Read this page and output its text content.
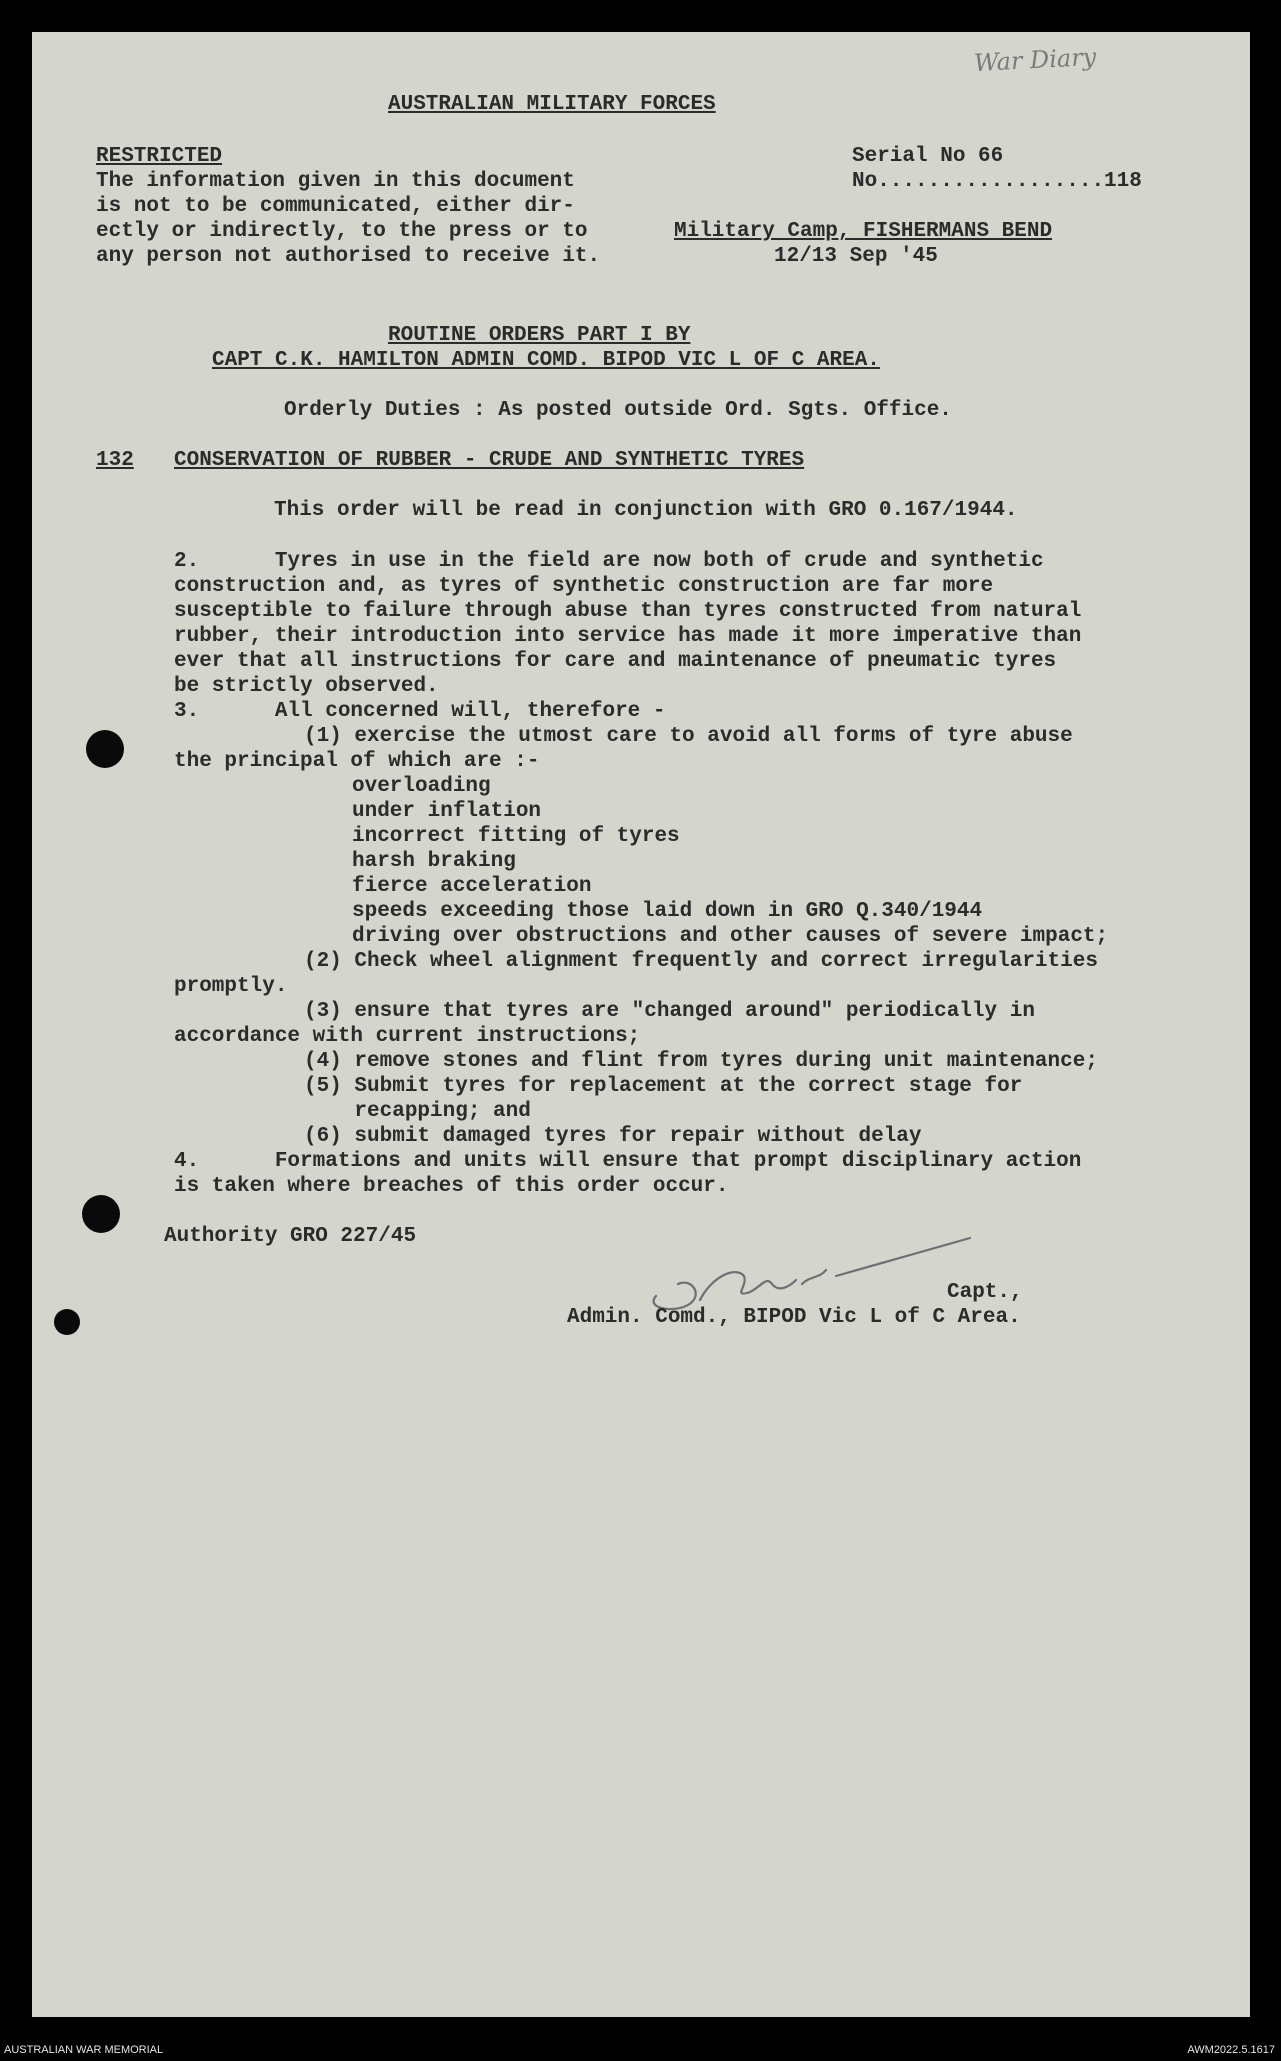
War Diary
AUSTRALIAN MILITARY FORCES
RESTRICTED
The information given in this document
is not to be communicated, either dir-
ectly or indirectly, to the press or to
any person not authorised to receive it.
Serial No 66
No..................118
Military Camp, FISHERMANS BEND
12/13 Sep '45
ROUTINE ORDERS PART I BY
CAPT C.K. HAMILTON ADMIN COMD. BIPOD VIC L OF C AREA.
Orderly Duties : As posted outside Ord. Sgts. Office.
132 CONSERVATION OF RUBBER - CRUDE AND SYNTHETIC TYRES
This order will be read in conjunction with GRO 0.167/1944.
2.      Tyres in use in the field are now both of crude and synthetic
construction and, as tyres of synthetic construction are far more
susceptible to failure through abuse than tyres constructed from natural
rubber, their introduction into service has made it more imperative than
ever that all instructions for care and maintenance of pneumatic tyres
be strictly observed.
3.      All concerned will, therefore -
(1) exercise the utmost care to avoid all forms of tyre abuse
the principal of which are :-
overloading
under inflation
incorrect fitting of tyres
harsh braking
fierce acceleration
speeds exceeding those laid down in GRO Q.340/1944
driving over obstructions and other causes of severe impact;
(2) Check wheel alignment frequently and correct irregularities
promptly.
(3) ensure that tyres are "changed around" periodically in
accordance with current instructions;
(4) remove stones and flint from tyres during unit maintenance;
(5) Submit tyres for replacement at the correct stage for
recapping; and
(6) submit damaged tyres for repair without delay
4.      Formations and units will ensure that prompt disciplinary action
is taken where breaches of this order occur.
Authority GRO 227/45
Capt.,
Admin. Comd., BIPOD Vic L of C Area.
AUSTRALIAN WAR MEMORIAL	AWM2022.5.1617
